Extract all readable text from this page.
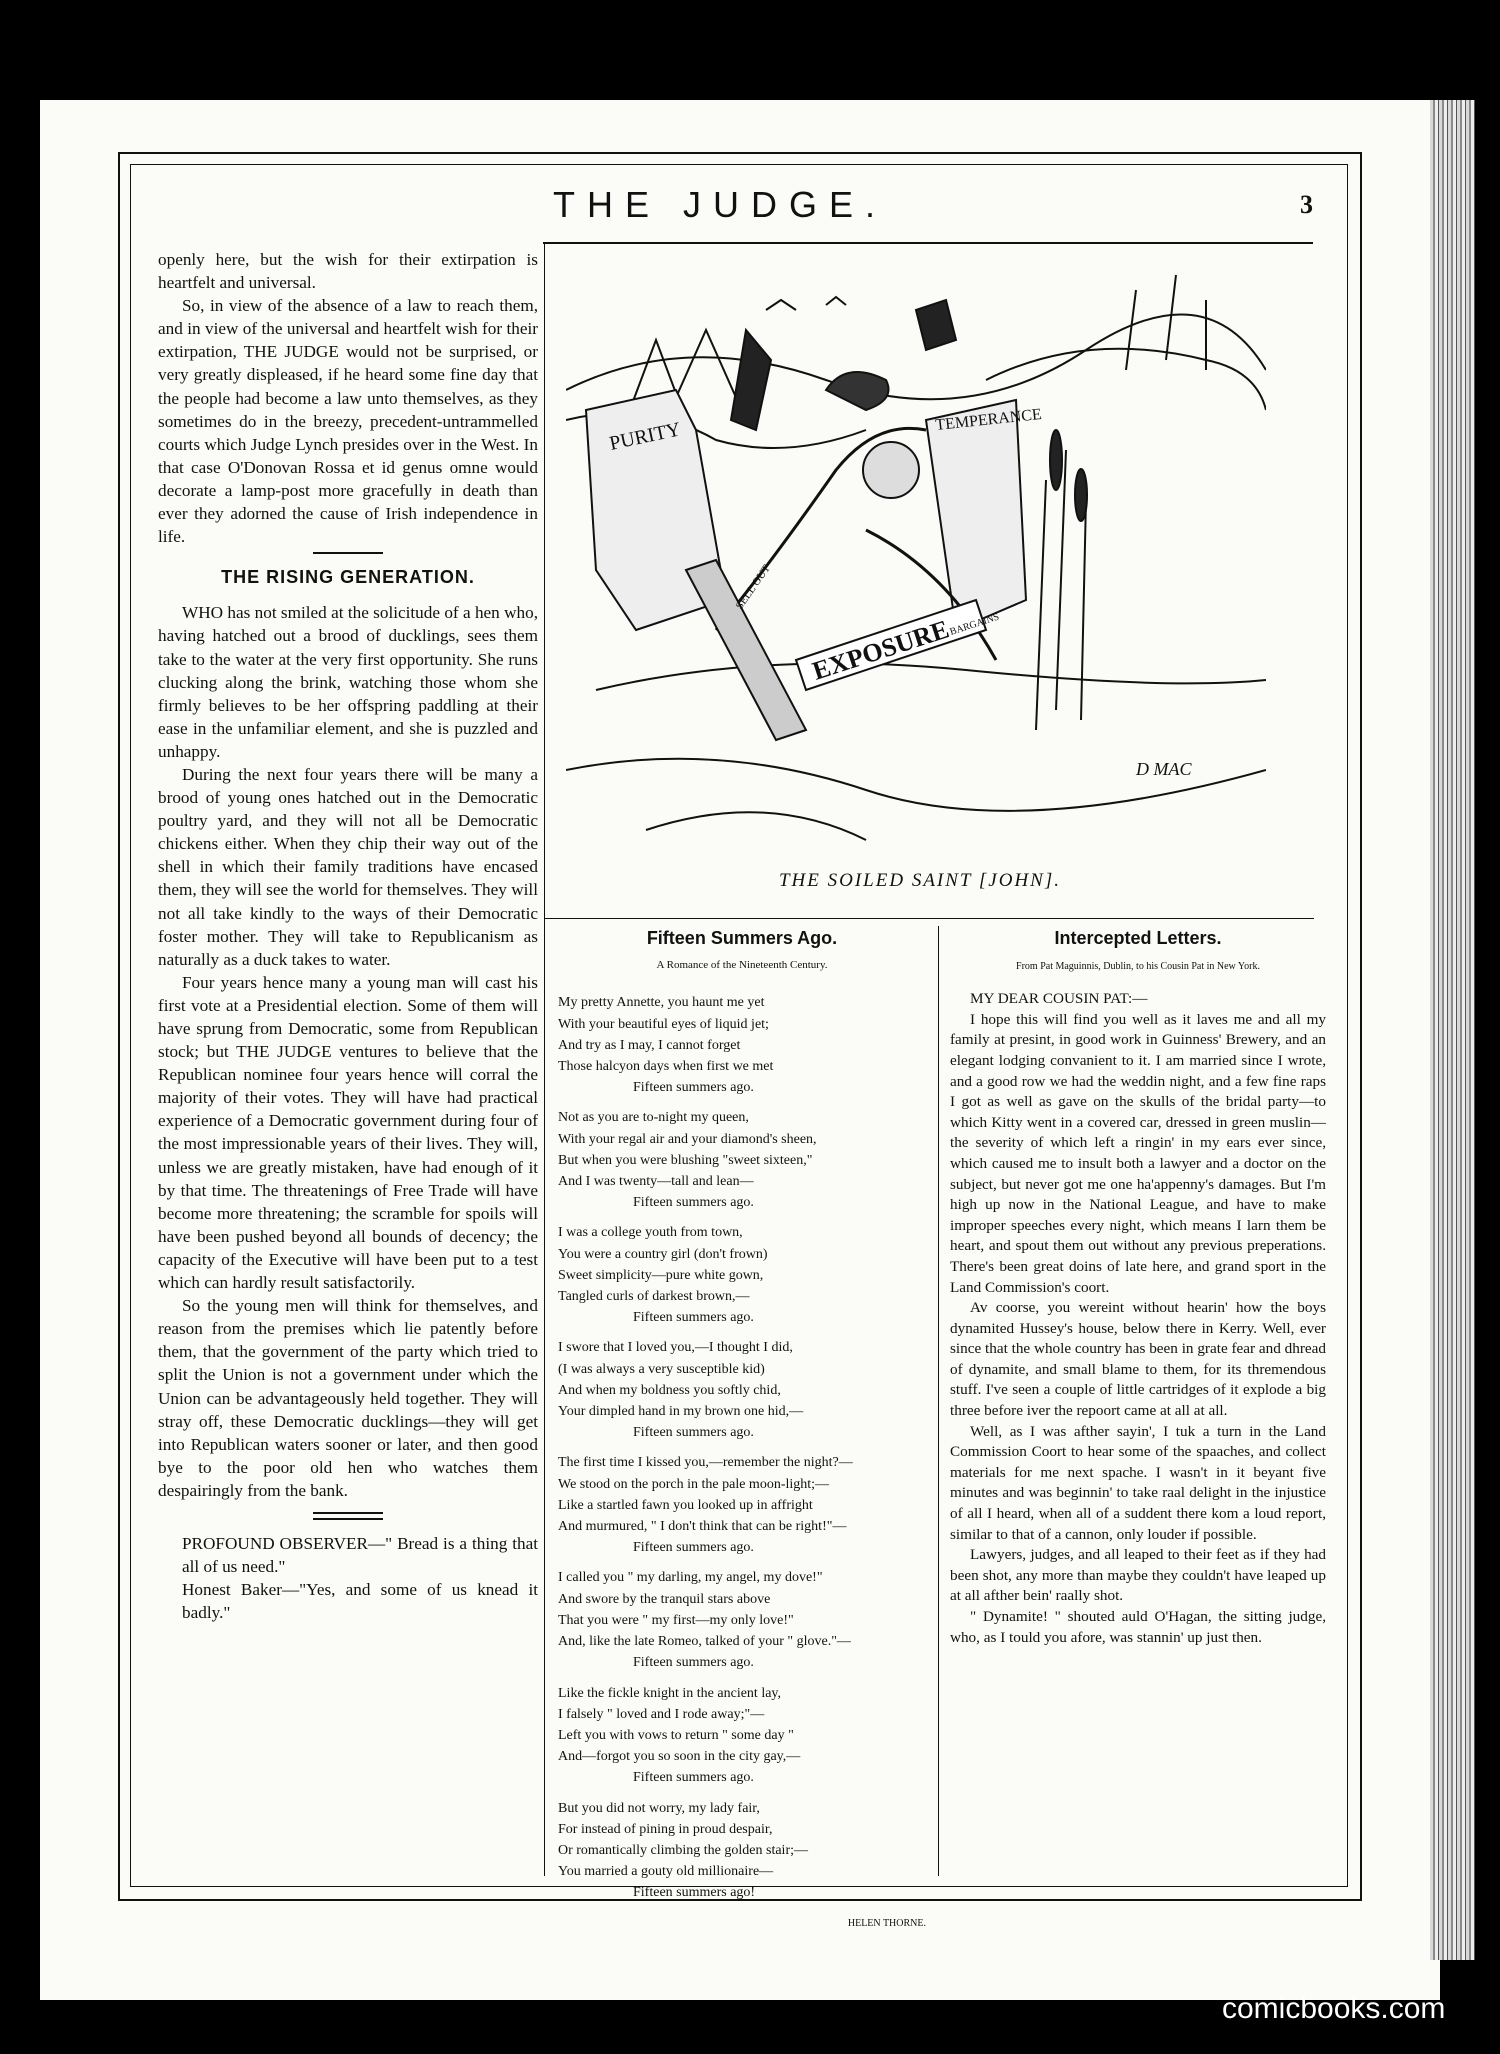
THE JUDGE.	3

openly here, but the wish for their extirpation is heartfelt and universal.

So, in view of the absence of a law to reach them, and in view of the universal and heartfelt wish for their extirpation, THE JUDGE would not be surprised, or very greatly displeased, if he heard some fine day that the people had become a law unto themselves, as they sometimes do in the breezy, precedent-untrammelled courts which Judge Lynch presides over in the West. In that case O'Donovan Rossa et id genus omne would decorate a lamp-post more gracefully in death than ever they adorned the cause of Irish independence in life.

THE RISING GENERATION.

WHO has not smiled at the solicitude of a hen who, having hatched out a brood of ducklings, sees them take to the water at the very first opportunity. She runs clucking along the brink, watching those whom she firmly believes to be her offspring paddling at their ease in the unfamiliar element, and she is puzzled and unhappy.

During the next four years there will be many a brood of young ones hatched out in the Democratic poultry yard, and they will not all be Democratic chickens either. When they chip their way out of the shell in which their family traditions have encased them, they will see the world for themselves. They will not all take kindly to the ways of their Democratic foster mother. They will take to Republicanism as naturally as a duck takes to water.

Four years hence many a young man will cast his first vote at a Presidential election. Some of them will have sprung from Democratic, some from Republican stock; but THE JUDGE ventures to believe that the Republican nominee four years hence will corral the majority of their votes. They will have had practical experience of a Democratic government during four of the most impressionable years of their lives. They will, unless we are greatly mistaken, have had enough of it by that time. The threatenings of Free Trade will have become more threatening; the scramble for spoils will have been pushed beyond all bounds of decency; the capacity of the Executive will have been put to a test which can hardly result satisfactorily.

So the young men will think for themselves, and reason from the premises which lie patently before them, that the government of the party which tried to split the Union is not a government under which the Union can be advantageously held together. They will stray off, these Democratic ducklings—they will get into Republican waters sooner or later, and then good bye to the poor old hen who watches them despairingly from the bank.

PROFOUND OBSERVER—" Bread is a thing that all of us need."

Honest Baker—"Yes, and some of us knead it badly."

PURITY	TEMPERANCE
EXPOSURE
SELL OUT
BARGAINS
D MAC
THE SOILED SAINT [JOHN].
Fifteen Summers Ago.
A Romance of the Nineteenth Century.
My pretty Annette, you haunt me yet
With your beautiful eyes of liquid jet;
And try as I may, I cannot forget
Those halcyon days when first we met
Fifteen summers ago.
Not as you are to-night my queen,
With your regal air and your diamond's sheen,
But when you were blushing "sweet sixteen,"
And I was twenty—tall and lean—
Fifteen summers ago.
I was a college youth from town,
You were a country girl (don't frown)
Sweet simplicity—pure white gown,
Tangled curls of darkest brown,—
Fifteen summers ago.
I swore that I loved you,—I thought I did,
(I was always a very susceptible kid)
And when my boldness you softly chid,
Your dimpled hand in my brown one hid,—
Fifteen summers ago.
The first time I kissed you,—remember the night?—
We stood on the porch in the pale moon-light;—
Like a startled fawn you looked up in affright
And murmured, " I don't think that can be right!"—
Fifteen summers ago.
I called you " my darling, my angel, my dove!"
And swore by the tranquil stars above
That you were " my first—my only love!"
And, like the late Romeo, talked of your " glove."—
Fifteen summers ago.
Like the fickle knight in the ancient lay,
I falsely " loved and I rode away;"—
Left you with vows to return " some day "
And—forgot you so soon in the city gay,—
Fifteen summers ago.
But you did not worry, my lady fair,
For instead of pining in proud despair,
Or romantically climbing the golden stair;—
You married a gouty old millionaire—
Fifteen summers ago!
HELEN THORNE.
Intercepted Letters.
From Pat Maguinnis, Dublin, to his Cousin Pat in New York.

MY DEAR COUSIN PAT:—

I hope this will find you well as it laves me and all my family at presint, in good work in Guinness' Brewery, and an elegant lodging convanient to it. I am married since I wrote, and a good row we had the weddin night, and a few fine raps I got as well as gave on the skulls of the bridal party—to which Kitty went in a covered car, dressed in green muslin—the severity of which left a ringin' in my ears ever since, which caused me to insult both a lawyer and a doctor on the subject, but never got me one ha'appenny's damages. But I'm high up now in the National League, and have to make improper speeches every night, which means I larn them be heart, and spout them out without any previous preperations. There's been great doins of late here, and grand sport in the Land Commission's coort.

Av coorse, you wereint without hearin' how the boys dynamited Hussey's house, below there in Kerry. Well, ever since that the whole country has been in grate fear and dhread of dynamite, and small blame to them, for its thremendous stuff. I've seen a couple of little cartridges of it explode a big three before iver the repoort came at all at all.

Well, as I was afther sayin', I tuk a turn in the Land Commission Coort to hear some of the spaaches, and collect materials for me next spache. I wasn't in it beyant five minutes and was beginnin' to take raal delight in the injustice of all I heard, when all of a suddent there kom a loud report, similar to that of a cannon, only louder if possible.

Lawyers, judges, and all leaped to their feet as if they had been shot, any more than maybe they couldn't have leaped up at all afther bein' raally shot.

" Dynamite! " shouted auld O'Hagan, the sitting judge, who, as I tould you afore, was stannin' up just then.

comicbooks.com
